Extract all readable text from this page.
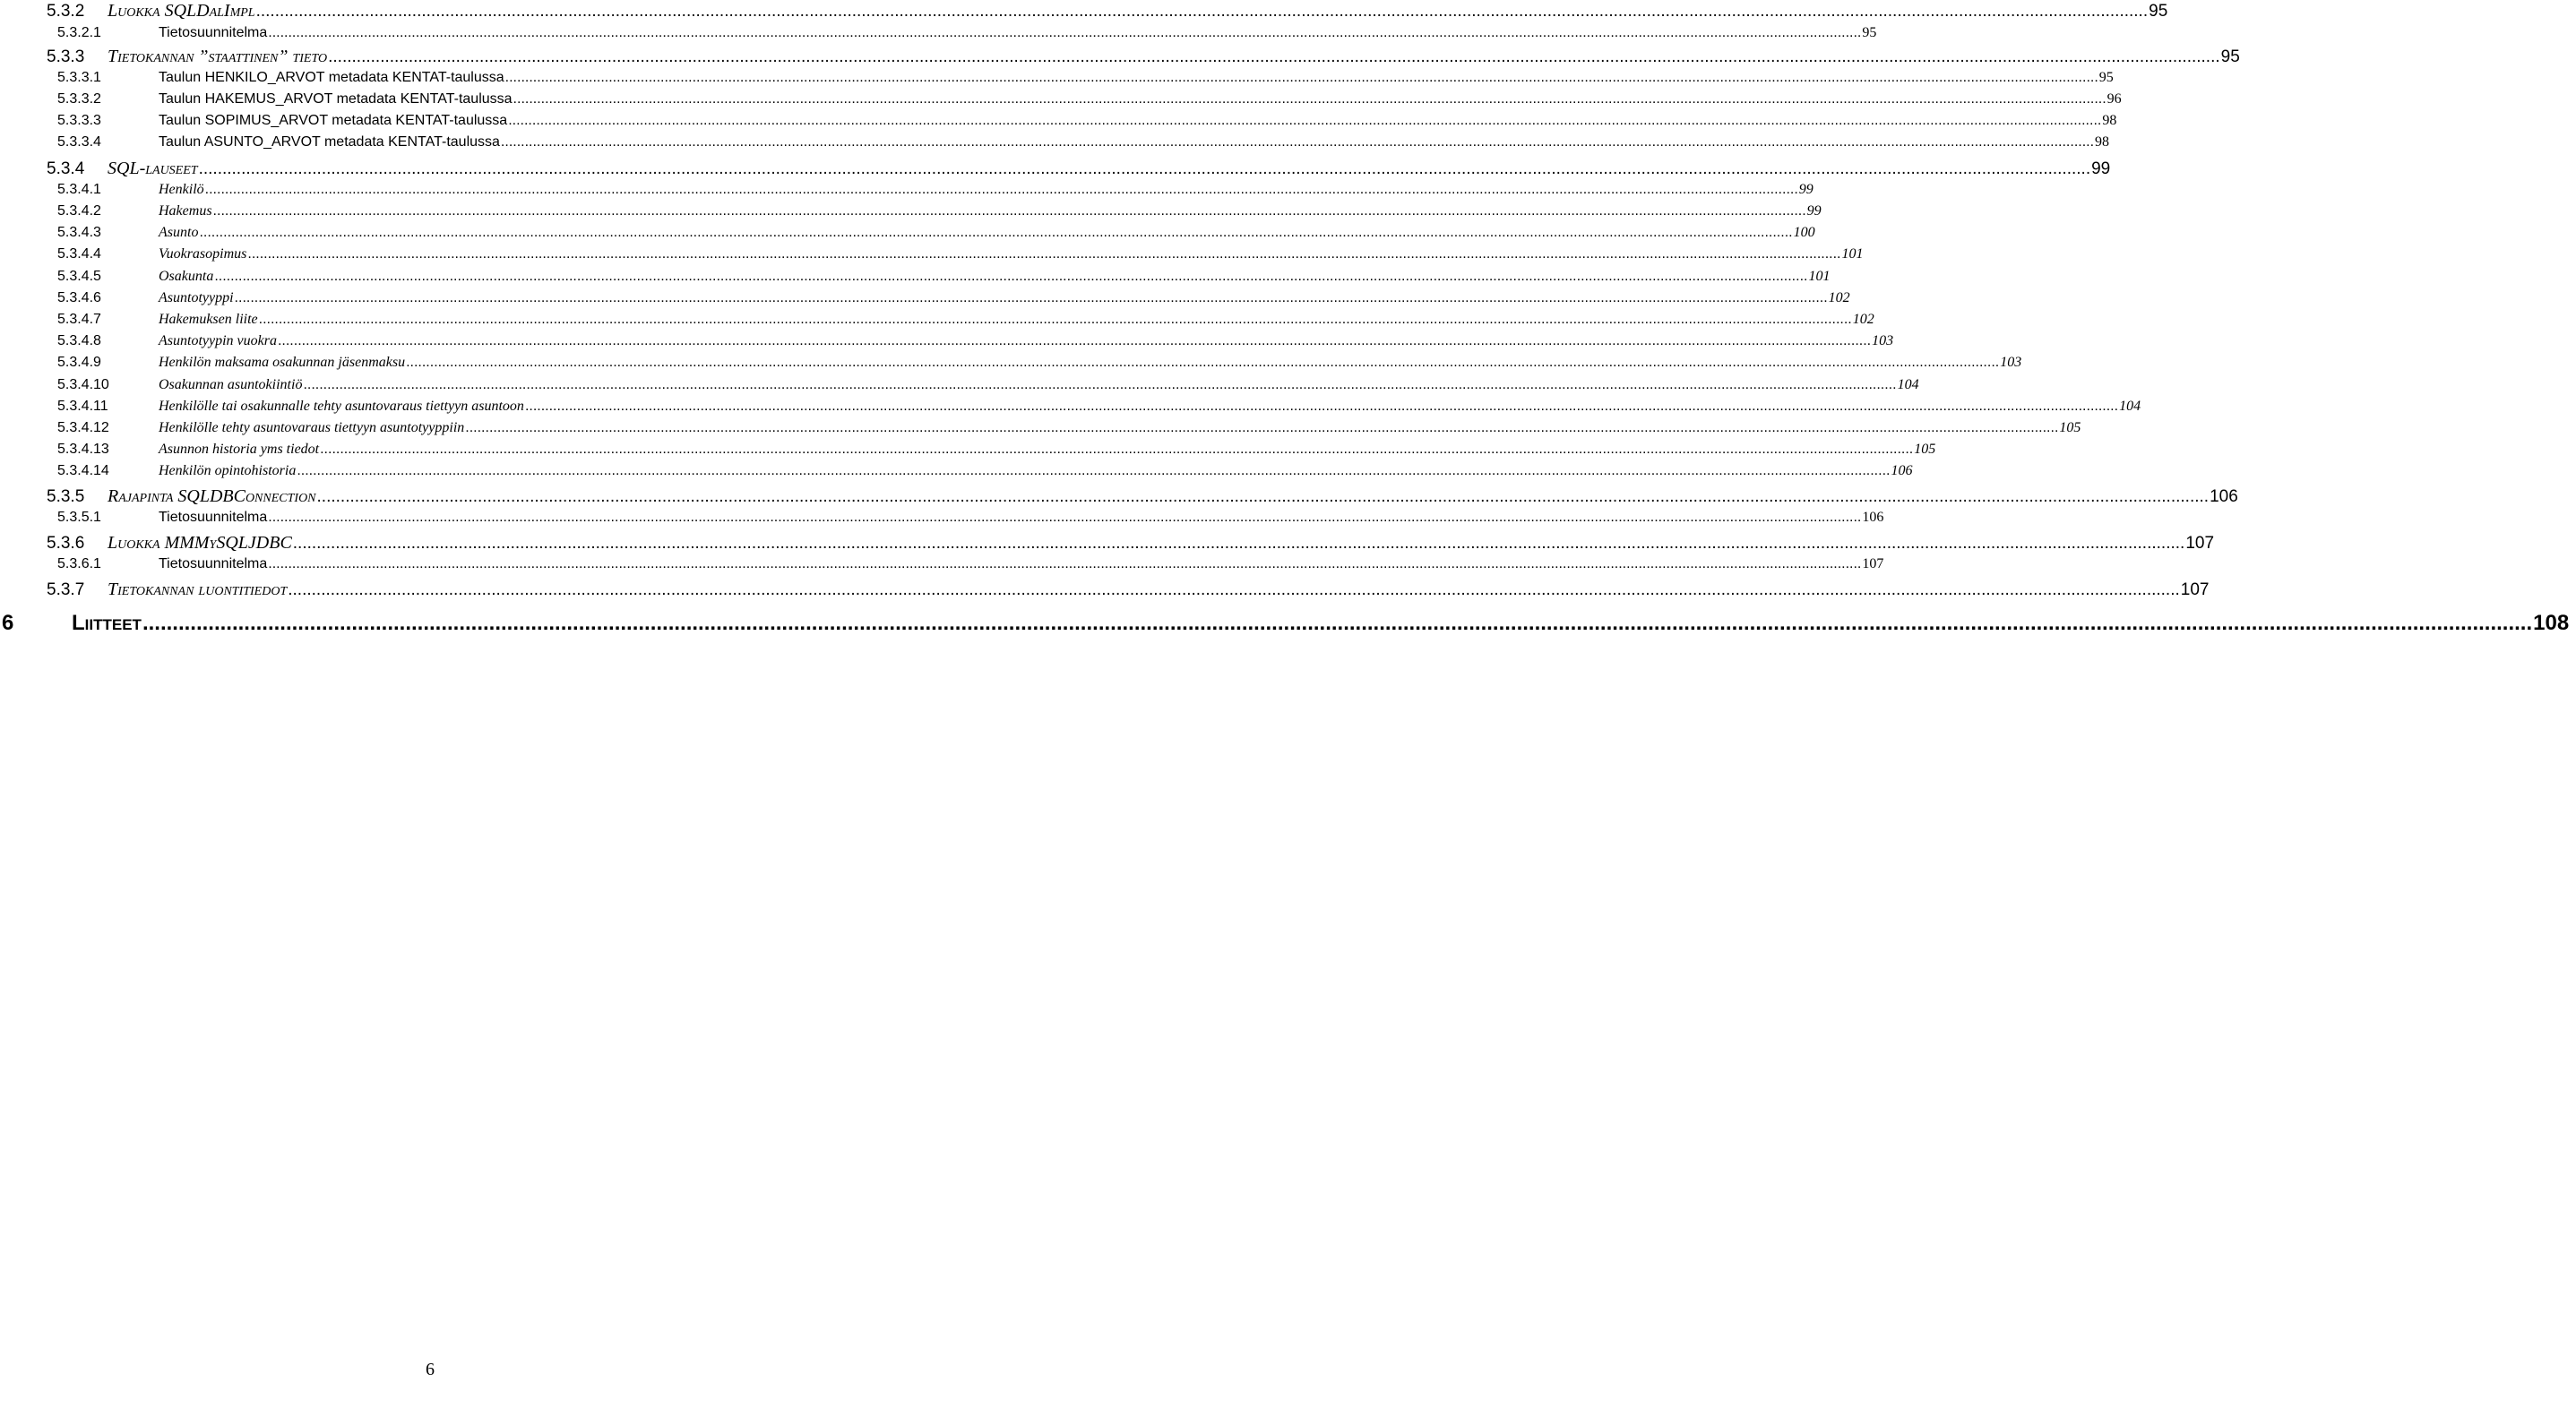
5.3.2	Luokka SQLDalImpl ................................................................................................................................................................................................................................................................................................................................................................................................................ 95
5.3.2.1	Tietosuunnitelma ................................................................................................................................................................................................................................................................................................................................................................................................................ 95
5.3.3	Tietokannan ”staattinen” tieto ................................................................................................................................................................................................................................................................................................................................................................................................................ 95
5.3.3.1	Taulun HENKILO_ARVOT metadata KENTAT-taulussa ................................................................................................................................................................................................................................................................................................................................................................................................................ 95
5.3.3.2	Taulun HAKEMUS_ARVOT metadata KENTAT-taulussa ................................................................................................................................................................................................................................................................................................................................................................................................................ 96
5.3.3.3	Taulun SOPIMUS_ARVOT metadata KENTAT-taulussa ................................................................................................................................................................................................................................................................................................................................................................................................................ 98
5.3.3.4	Taulun ASUNTO_ARVOT metadata KENTAT-taulussa ................................................................................................................................................................................................................................................................................................................................................................................................................ 98
5.3.4	SQL-lauseet ................................................................................................................................................................................................................................................................................................................................................................................................................ 99
5.3.4.1	Henkilö ................................................................................................................................................................................................................................................................................................................................................................................................................ 99
5.3.4.2	Hakemus ................................................................................................................................................................................................................................................................................................................................................................................................................ 99
5.3.4.3	Asunto ................................................................................................................................................................................................................................................................................................................................................................................................................ 100
5.3.4.4	Vuokrasopimus ................................................................................................................................................................................................................................................................................................................................................................................................................ 101
5.3.4.5	Osakunta ................................................................................................................................................................................................................................................................................................................................................................................................................ 101
5.3.4.6	Asuntotyyppi ................................................................................................................................................................................................................................................................................................................................................................................................................ 102
5.3.4.7	Hakemuksen liite ................................................................................................................................................................................................................................................................................................................................................................................................................ 102
5.3.4.8	Asuntotyypin vuokra ................................................................................................................................................................................................................................................................................................................................................................................................................ 103
5.3.4.9	Henkilön maksama osakunnan jäsenmaksu ................................................................................................................................................................................................................................................................................................................................................................................................................ 103
5.3.4.10	Osakunnan asuntokiintiö ................................................................................................................................................................................................................................................................................................................................................................................................................ 104
5.3.4.11	Henkilölle tai osakunnalle tehty asuntovaraus tiettyyn asuntoon ................................................................................................................................................................................................................................................................................................................................................................................................................ 104
5.3.4.12	Henkilölle tehty asuntovaraus tiettyyn asuntotyyppiin ................................................................................................................................................................................................................................................................................................................................................................................................................ 105
5.3.4.13	Asunnon historia yms tiedot ................................................................................................................................................................................................................................................................................................................................................................................................................ 105
5.3.4.14	Henkilön opintohistoria ................................................................................................................................................................................................................................................................................................................................................................................................................ 106
5.3.5	Rajapinta SQLDBConnection ................................................................................................................................................................................................................................................................................................................................................................................................................ 106
5.3.5.1	Tietosuunnitelma ................................................................................................................................................................................................................................................................................................................................................................................................................ 106
5.3.6	Luokka MMMySQLJDBC ................................................................................................................................................................................................................................................................................................................................................................................................................ 107
5.3.6.1	Tietosuunnitelma ................................................................................................................................................................................................................................................................................................................................................................................................................ 107
5.3.7	Tietokannan luontitiedot ................................................................................................................................................................................................................................................................................................................................................................................................................ 107
6	Liitteet ................................................................................................................................................................................................................................................................................................................................................................................................................ 108
6
